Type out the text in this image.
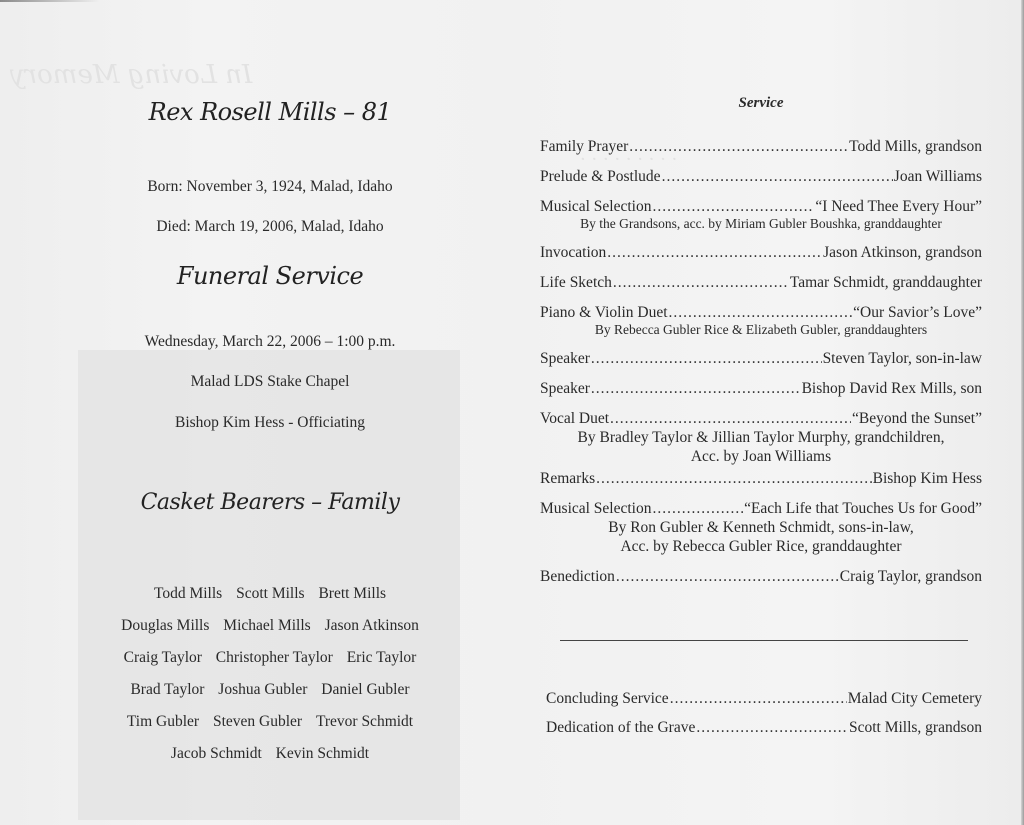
In Loving Memory
· · · · · · · · ·
Rex Rosell Mills – 81
Born: November 3, 1924, Malad, Idaho
Died: March 19, 2006, Malad, Idaho
Funeral Service
Wednesday, March 22, 2006 – 1:00 p.m.
Malad LDS Stake Chapel
Bishop Kim Hess - Officiating
Casket Bearers – Family
Todd Mills Scott Mills Brett Mills
Douglas Mills Michael Mills Jason Atkinson
Craig Taylor Christopher Taylor Eric Taylor
Brad Taylor Joshua Gubler Daniel Gubler
Tim Gubler Steven Gubler Trevor Schmidt
Jacob Schmidt Kevin Schmidt
Service
Family Prayer .....	Todd Mills, grandson
Prelude & Postlude .....	Joan Williams
Musical Selection .....	“I Need Thee Every Hour”
By the Grandsons, acc. by Miriam Gubler Boushka, granddaughter
Invocation .....	Jason Atkinson, grandson
Life Sketch .....	Tamar Schmidt, granddaughter
Piano & Violin Duet .....	“Our Savior’s Love”
By Rebecca Gubler Rice & Elizabeth Gubler, granddaughters
Speaker .....	Steven Taylor, son-in-law
Speaker .....	Bishop David Rex Mills, son
Vocal Duet .....	“Beyond the Sunset”
By Bradley Taylor & Jillian Taylor Murphy, grandchildren,
Acc. by Joan Williams
Remarks .....	Bishop Kim Hess
Musical Selection .....	“Each Life that Touches Us for Good”
By Ron Gubler & Kenneth Schmidt, sons-in-law,
Acc. by Rebecca Gubler Rice, granddaughter
Benediction .....	Craig Taylor, grandson
Concluding Service .....	Malad City Cemetery
Dedication of the Grave .....	Scott Mills, grandson
